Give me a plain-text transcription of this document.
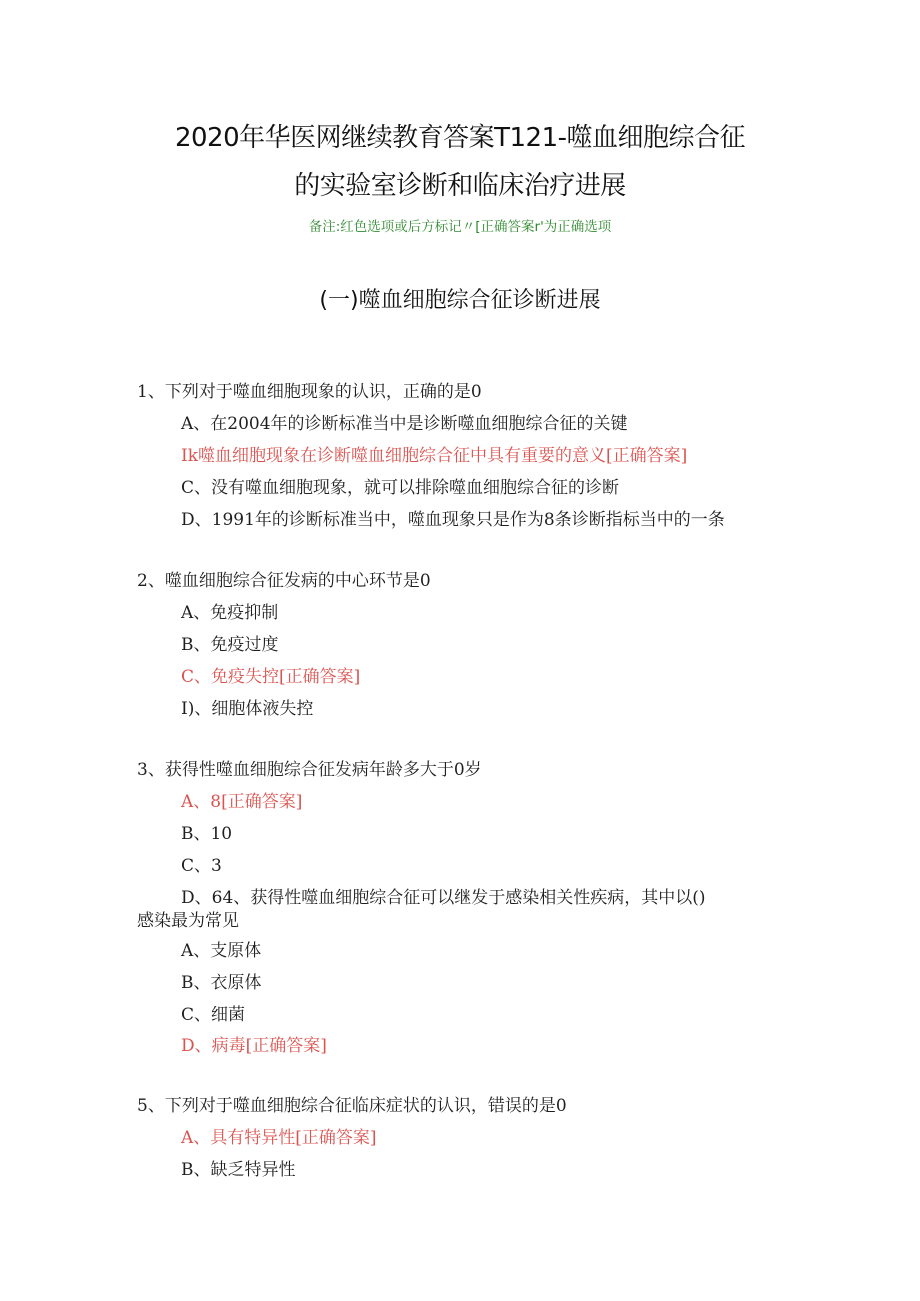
2020年华医网继续教育答案T121-噬血细胞综合征
的实验室诊断和临床治疗进展

备注:红色选项或后方标记〃[正确答案r'为正确选项

(一)噬血细胞综合征诊断进展

1、下列对于噬血细胞现象的认识，正确的是0

A、在2004年的诊断标准当中是诊断噬血细胞综合征的关键

Ik噬血细胞现象在诊断噬血细胞综合征中具有重要的意义[正确答案]

C、没有噬血细胞现象，就可以排除噬血细胞综合征的诊断

D、1991年的诊断标准当中，噬血现象只是作为8条诊断指标当中的一条

2、噬血细胞综合征发病的中心环节是0

A、免疫抑制

B、免疫过度

C、免疫失控[正确答案]

I)、细胞体液失控

3、获得性噬血细胞综合征发病年龄多大于0岁

A、8[正确答案]

B、10

C、3

D、64、获得性噬血细胞综合征可以继发于感染相关性疾病，其中以()

感染最为常见

A、支原体

B、衣原体

C、细菌

D、病毒[正确答案]

5、下列对于噬血细胞综合征临床症状的认识，错误的是0

A、具有特异性[正确答案]

B、缺乏特异性
